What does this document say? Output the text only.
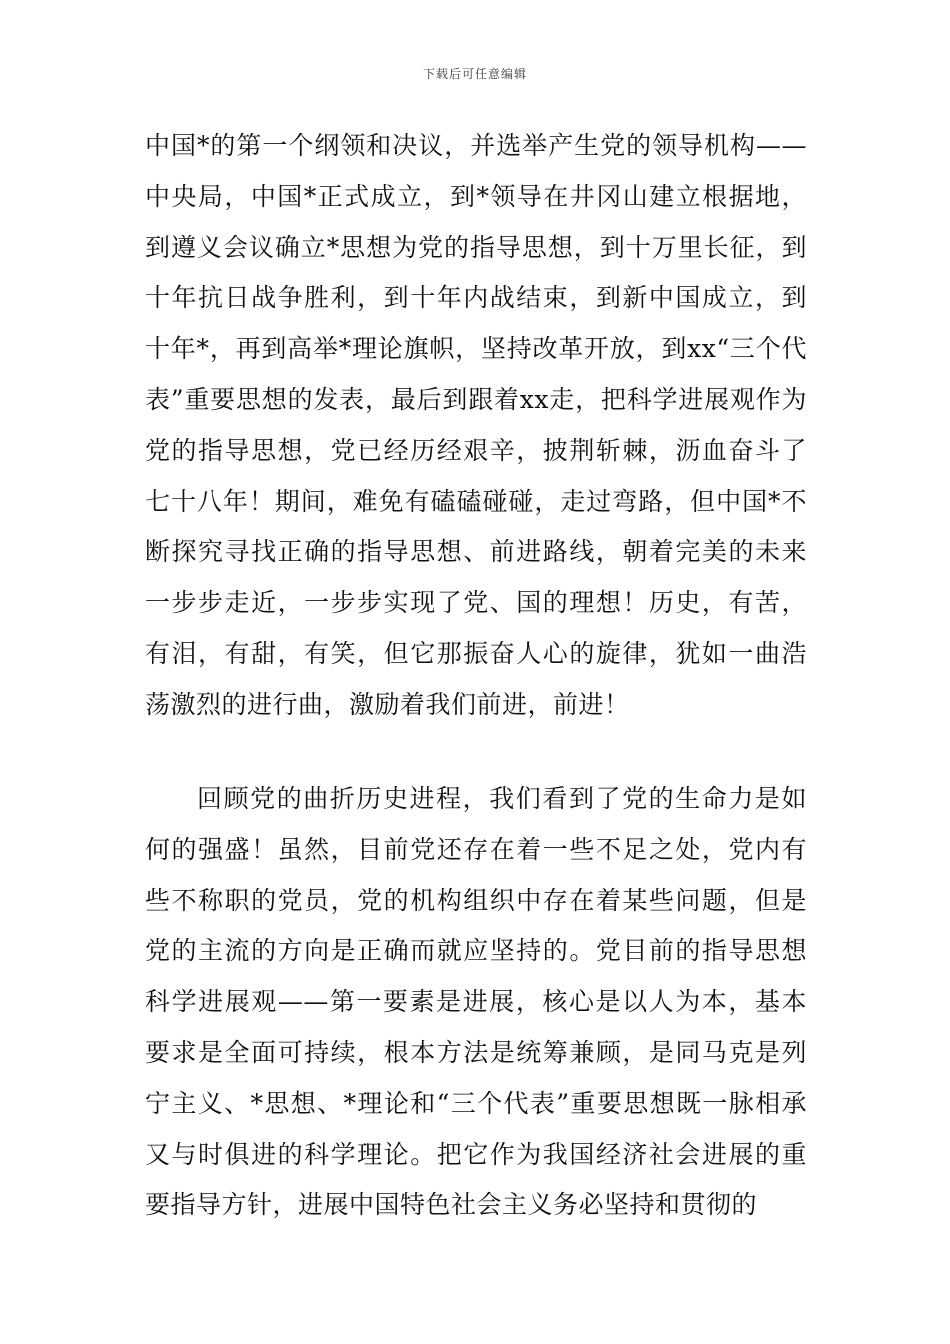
下载后可任意编辑

中国*的第一个纲领和决议，并选举产生党的领导机构——中央局，中国*正式成立，到*领导在井冈山建立根据地，到遵义会议确立*思想为党的指导思想，到十万里长征，到十年抗日战争胜利，到十年内战结束，到新中国成立，到十年*，再到高举*理论旗帜，坚持改革开放，到xx“三个代表”重要思想的发表，最后到跟着xx走，把科学进展观作为党的指导思想，党已经历经艰辛，披荆斩棘，沥血奋斗了七十八年！期间，难免有磕磕碰碰，走过弯路，但中国*不断探究寻找正确的指导思想、前进路线，朝着完美的未来一步步走近，一步步实现了党、国的理想！历史，有苦，有泪，有甜，有笑，但它那振奋人心的旋律，犹如一曲浩荡激烈的进行曲，激励着我们前进，前进！

回顾党的曲折历史进程，我们看到了党的生命力是如何的强盛！虽然，目前党还存在着一些不足之处，党内有些不称职的党员，党的机构组织中存在着某些问题，但是党的主流的方向是正确而就应坚持的。党目前的指导思想科学进展观——第一要素是进展，核心是以人为本，基本要求是全面可持续，根本方法是统筹兼顾，是同马克是列宁主义、*思想、*理论和“三个代表”重要思想既一脉相承又与时俱进的科学理论。把它作为我国经济社会进展的重要指导方针，进展中国特色社会主义务必坚持和贯彻的
